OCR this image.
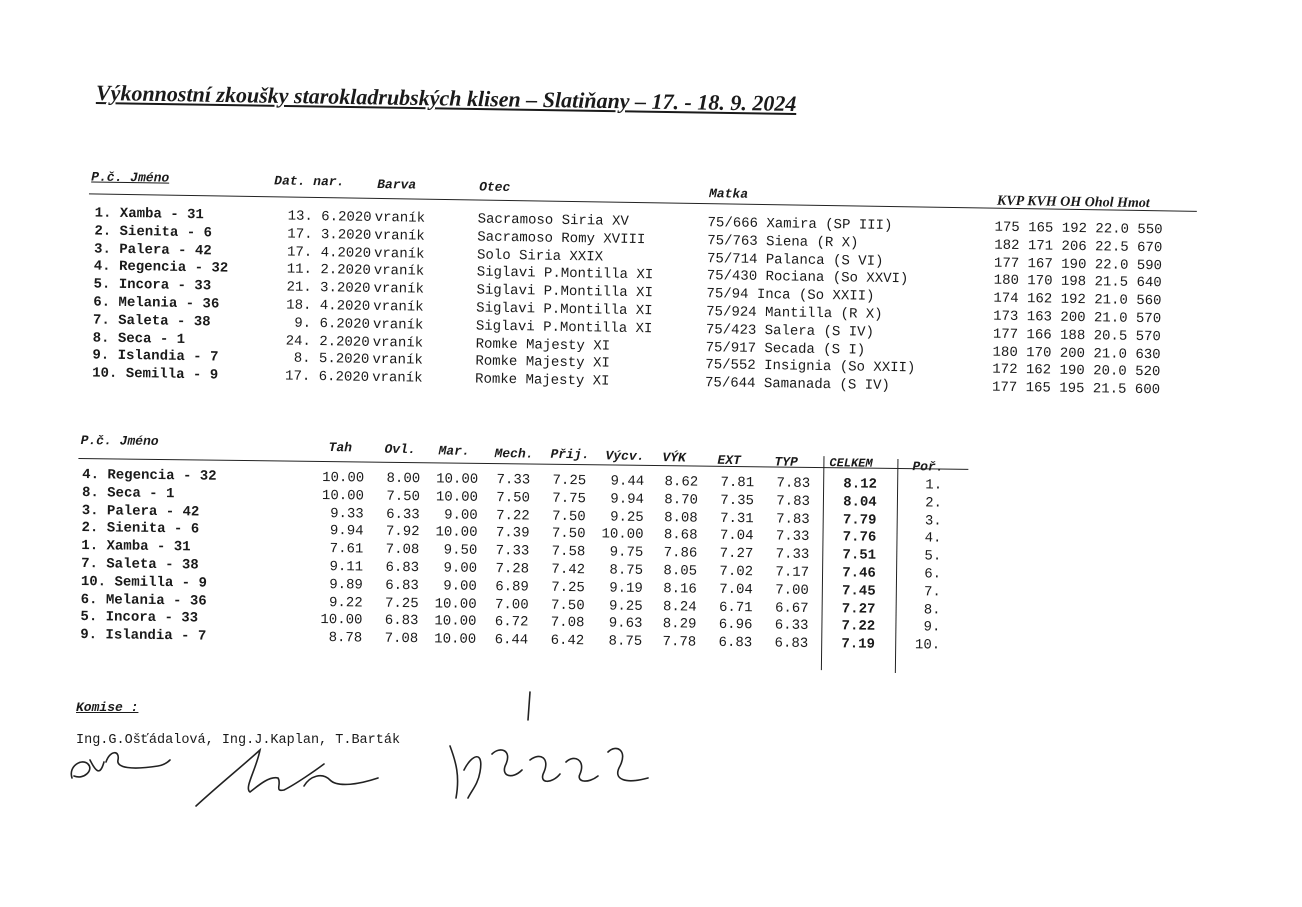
Výkonnostní zkoušky starokladrubských klisen – Slatiňany – 17. - 18. 9. 2024
P.č. Jméno	Dat. nar.	Barva	Otec	Matka	KVP KVH OH Ohol Hmot
1. Xamba - 31	13. 6.2020 vraník	Sacramoso Siria XV	75/666 Xamira (SP III)	175 165 192 22.0 550
2. Sienita - 6	17. 3.2020 vraník	Sacramoso Romy XVIII	75/763 Siena (R X)	182 171 206 22.5 670
3. Palera - 42	17. 4.2020 vraník	Solo Siria XXIX	75/714 Palanca (S VI)	177 167 190 22.0 590
4. Regencia - 32	11. 2.2020 vraník	Siglavi P.Montilla XI	75/430 Rociana (So XXVI)	180 170 198 21.5 640
5. Incora - 33	21. 3.2020 vraník	Siglavi P.Montilla XI	75/94 Inca (So XXII)	174 162 192 21.0 560
6. Melania - 36	18. 4.2020 vraník	Siglavi P.Montilla XI	75/924 Mantilla (R X)	173 163 200 21.0 570
7. Saleta - 38	9. 6.2020 vraník	Siglavi P.Montilla XI	75/423 Salera (S IV)	177 166 188 20.5 570
8. Seca - 1	24. 2.2020 vraník	Romke Majesty XI	75/917 Secada (S I)	180 170 200 21.0 630
9. Islandia - 7	8. 5.2020 vraník	Romke Majesty XI	75/552 Insignia (So XXII)	172 162 190 20.0 520
10. Semilla - 9	17. 6.2020 vraník	Romke Majesty XI	75/644 Samanada (S IV)	177 165 195 21.5 600
P.č. Jméno	Tah Ovl. Mar. Mech. Přij. Výcv. VÝK EXT	TYP	CELKEM	Poř.
4. Regencia - 32	10.00	8.00	10.00	7.33	7.25	9.44	8.62	7.81	7.83	8.12	1.
8. Seca - 1	10.00	7.50	10.00	7.50	7.75	9.94	8.70	7.35	7.83	8.04	2.
3. Palera - 42	9.33	6.33	9.00	7.22	7.50	9.25	8.08	7.31	7.83	7.79	3.
2. Sienita - 6	9.94	7.92	10.00	7.39	7.50	10.00	8.68	7.04	7.33	7.76	4.
1. Xamba - 31	7.61	7.08	9.50	7.33	7.58	9.75	7.86	7.27	7.33	7.51	5.
7. Saleta - 38	9.11	6.83	9.00	7.28	7.42	8.75	8.05	7.02	7.17	7.46	6.
10. Semilla - 9	9.89	6.83	9.00	6.89	7.25	9.19	8.16	7.04	7.00	7.45	7.
6. Melania - 36	9.22	7.25	10.00	7.00	7.50	9.25	8.24	6.71	6.67	7.27	8.
5. Incora - 33	10.00	6.83	10.00	6.72	7.08	9.63	8.29	6.96	6.33	7.22	9.
9. Islandia - 7	8.78	7.08	10.00	6.44	6.42	8.75	7.78	6.83	6.83	7.19	10.
Komise :
Ing.G.Ošťádalová, Ing.J.Kaplan, T.Barták
